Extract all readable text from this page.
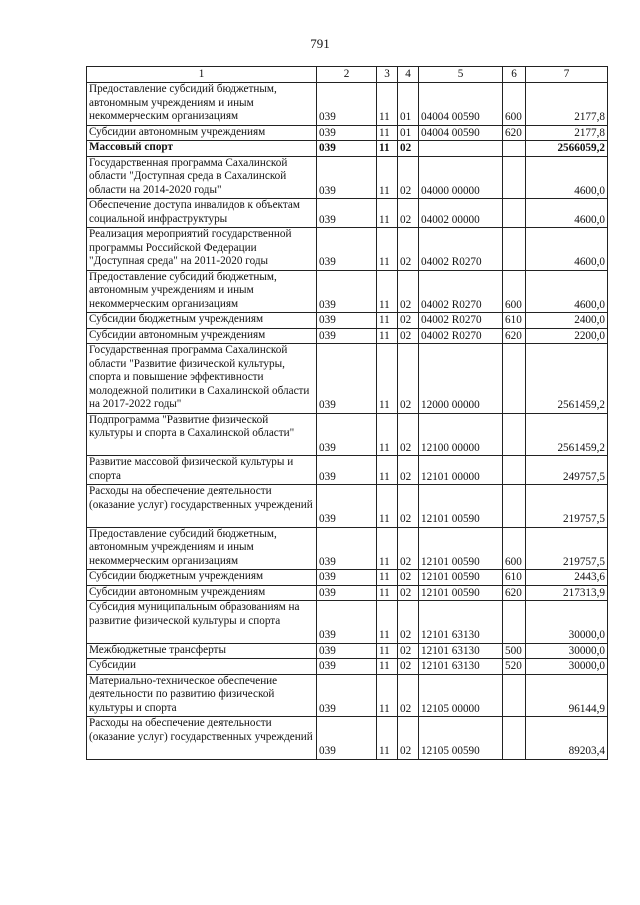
791
1	2	3	4	5	6	7
Предоставление субсидий бюджетным, автономным учреждениям и иным некоммерческим организациям	039	11	01	04004 00590	600	2177,8
Субсидии автономным учреждениям	039	11	01	04004 00590	620	2177,8
Массовый спорт	039	11	02			2566059,2
Государственная программа Сахалинской области "Доступная среда в Сахалинской области на 2014-2020 годы"	039	11	02	04000 00000		4600,0
Обеспечение доступа инвалидов к объектам социальной инфраструктуры	039	11	02	04002 00000		4600,0
Реализация мероприятий государственной программы Российской Федерации "Доступная среда" на 2011-2020 годы	039	11	02	04002 R0270		4600,0
Предоставление субсидий бюджетным, автономным учреждениям и иным некоммерческим организациям	039	11	02	04002 R0270	600	4600,0
Субсидии бюджетным учреждениям	039	11	02	04002 R0270	610	2400,0
Субсидии автономным учреждениям	039	11	02	04002 R0270	620	2200,0
Государственная программа Сахалинской области "Развитие физической культуры, спорта и повышение эффективности молодежной политики в Сахалинской области на 2017-2022 годы"	039	11	02	12000 00000		2561459,2
Подпрограмма "Развитие физической культуры и спорта в Сахалинской области"	039	11	02	12100 00000		2561459,2
Развитие массовой физической культуры и спорта	039	11	02	12101 00000		249757,5
Расходы на обеспечение деятельности (оказание услуг) государственных учреждений	039	11	02	12101 00590		219757,5
Предоставление субсидий бюджетным, автономным учреждениям и иным некоммерческим организациям	039	11	02	12101 00590	600	219757,5
Субсидии бюджетным учреждениям	039	11	02	12101 00590	610	2443,6
Субсидии автономным учреждениям	039	11	02	12101 00590	620	217313,9
Субсидия муниципальным образованиям на развитие физической культуры и спорта	039	11	02	12101 63130		30000,0
Межбюджетные трансферты	039	11	02	12101 63130	500	30000,0
Субсидии	039	11	02	12101 63130	520	30000,0
Материально-техническое обеспечение деятельности по развитию физической культуры и спорта	039	11	02	12105 00000		96144,9
Расходы на обеспечение деятельности (оказание услуг) государственных учреждений	039	11	02	12105 00590		89203,4
